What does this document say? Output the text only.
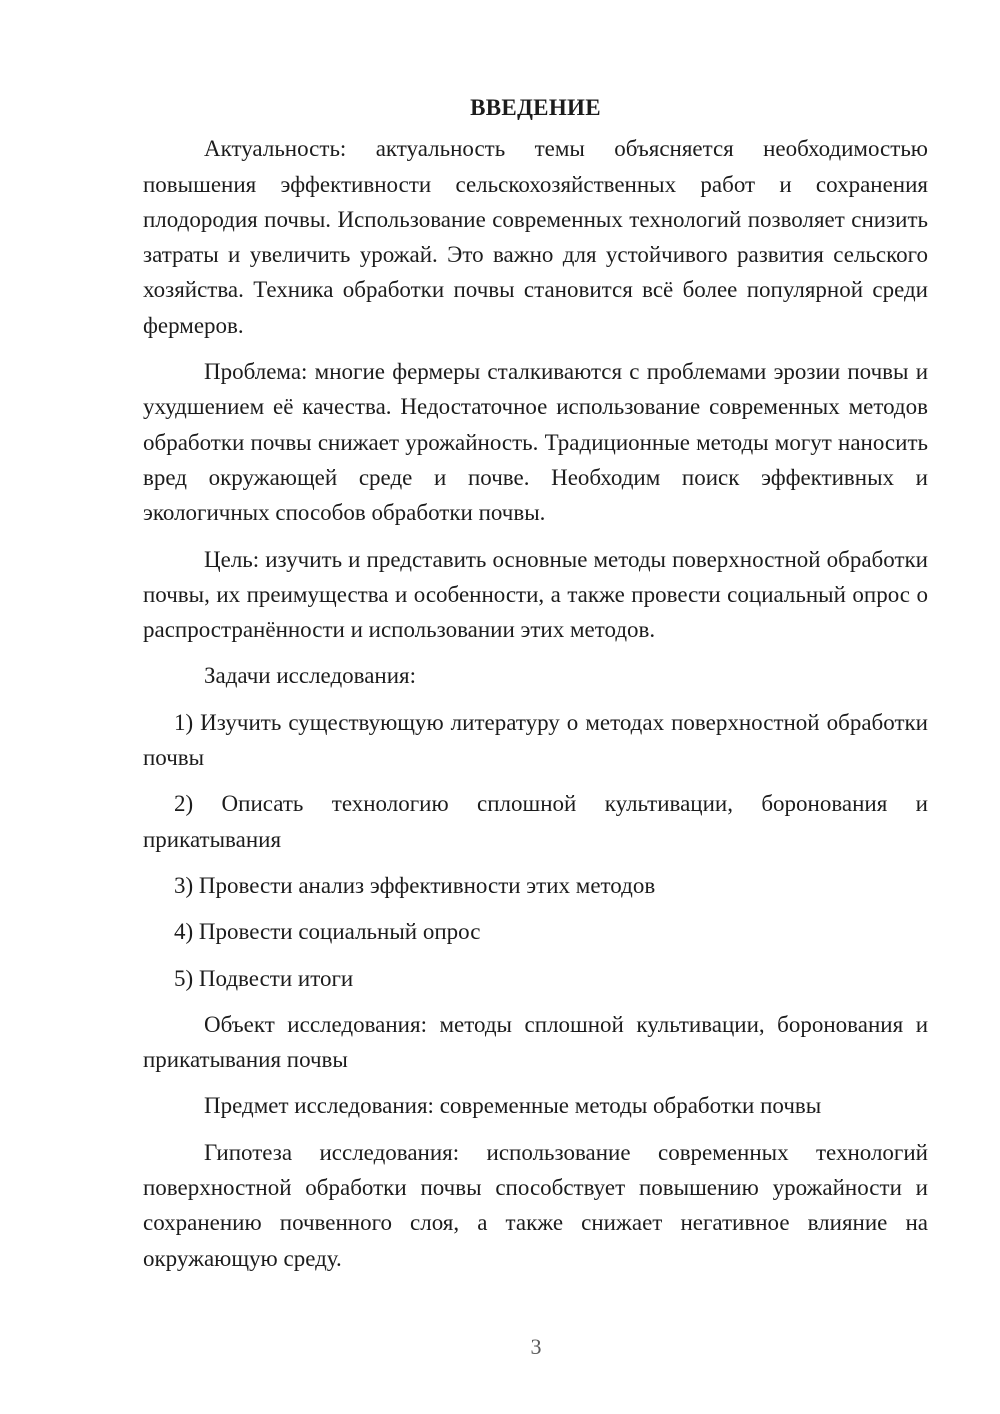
ВВЕДЕНИЕ

Актуальность: актуальность темы объясняется необходимостью повышения эффективности сельскохозяйственных работ и сохранения плодородия почвы. Использование современных технологий позволяет снизить затраты и увеличить урожай. Это важно для устойчивого развития сельского хозяйства. Техника обработки почвы становится всё более популярной среди фермеров.

Проблема: многие фермеры сталкиваются с проблемами эрозии почвы и ухудшением её качества. Недостаточное использование современных методов обработки почвы снижает урожайность. Традиционные методы могут наносить вред окружающей среде и почве. Необходим поиск эффективных и экологичных способов обработки почвы.

Цель: изучить и представить основные методы поверхностной обработки почвы, их преимущества и особенности, а также провести социальный опрос о распространённости и использовании этих методов.

Задачи исследования:

1) Изучить существующую литературу о методах поверхностной обработки почвы

2) Описать технологию сплошной культивации, боронования и прикатывания

3) Провести анализ эффективности этих методов

4) Провести социальный опрос

5) Подвести итоги

Объект исследования: методы сплошной культивации, боронования и прикатывания почвы

Предмет исследования: современные методы обработки почвы

Гипотеза исследования: использование современных технологий поверхностной обработки почвы способствует повышению урожайности и сохранению почвенного слоя, а также снижает негативное влияние на окружающую среду.

3
